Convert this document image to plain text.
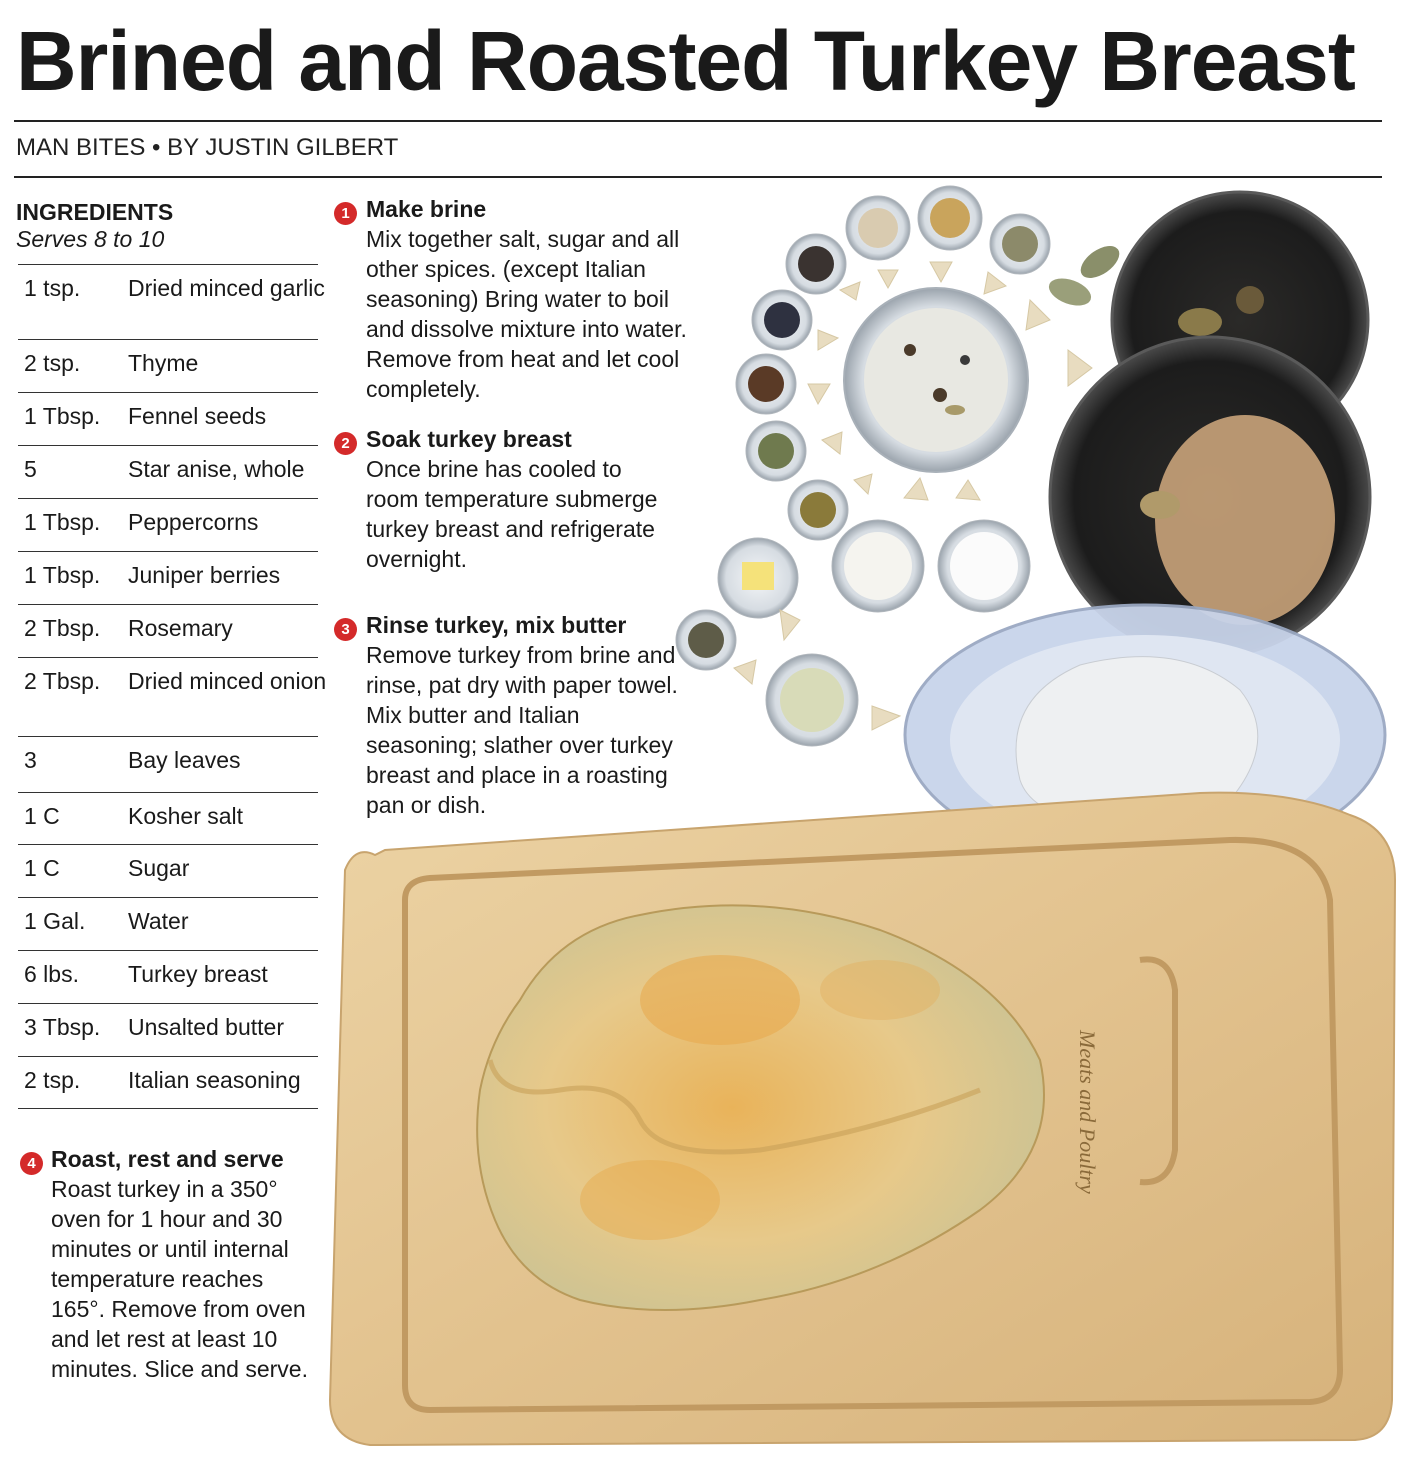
Brined and Roasted Turkey Breast
MAN BITES • BY JUSTIN GILBERT
Meats and Poultry
INGREDIENTS
Serves 8 to 10
1 tsp. Dried minced garlic
2 tsp. Thyme
1 Tbsp. Fennel seeds
5	Star anise, whole
1 Tbsp. Peppercorns
1 Tbsp. Juniper berries
2 Tbsp. Rosemary
2 Tbsp. Dried minced onion
3	Bay leaves
1 C	Kosher salt
1 C	Sugar
1 Gal. Water
6 lbs. Turkey breast
3 Tbsp. Unsalted butter
2 tsp. Italian seasoning
1 Make brine
Mix together salt, sugar and all other spices. (except Italian seasoning) Bring water to boil and dissolve mixture into water. Remove from heat and let cool completely.
2 Soak turkey breast
Once brine has cooled to room temperature submerge turkey breast and refrigerate overnight.
3 Rinse turkey, mix butter
Remove turkey from brine and rinse, pat dry with paper towel. Mix butter and Italian seasoning; slather over turkey breast and place in a roasting pan or dish.
4 Roast, rest and serve
Roast turkey in a 350° oven for 1 hour and 30 minutes or until internal temperature reaches 165°. Remove from oven and let rest at least 10 minutes. Slice and serve.
